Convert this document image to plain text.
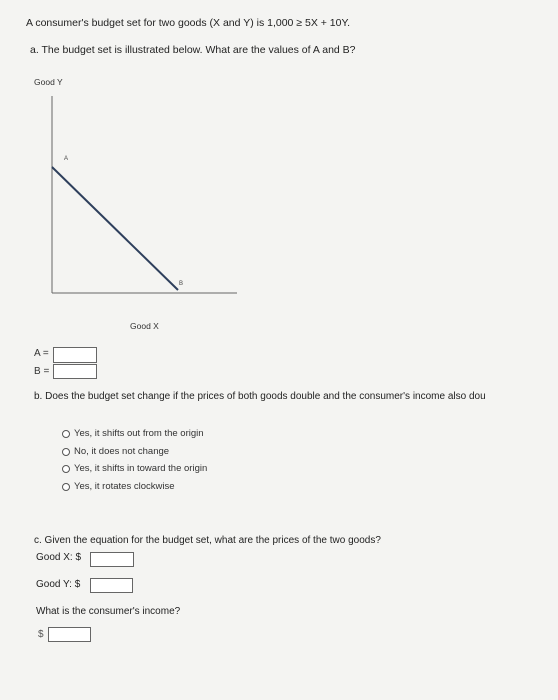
A consumer's budget set for two goods (X and Y) is 1,000 ≥ 5X + 10Y.
a. The budget set is illustrated below. What are the values of A and B?
Good Y
A
B
Good X
A =
B =
b. Does the budget set change if the prices of both goods double and the consumer's income also dou
Yes, it shifts out from the origin
No, it does not change
Yes, it shifts in toward the origin
Yes, it rotates clockwise
c. Given the equation for the budget set, what are the prices of the two goods?
Good X: $
Good Y: $
What is the consumer's income?
$
